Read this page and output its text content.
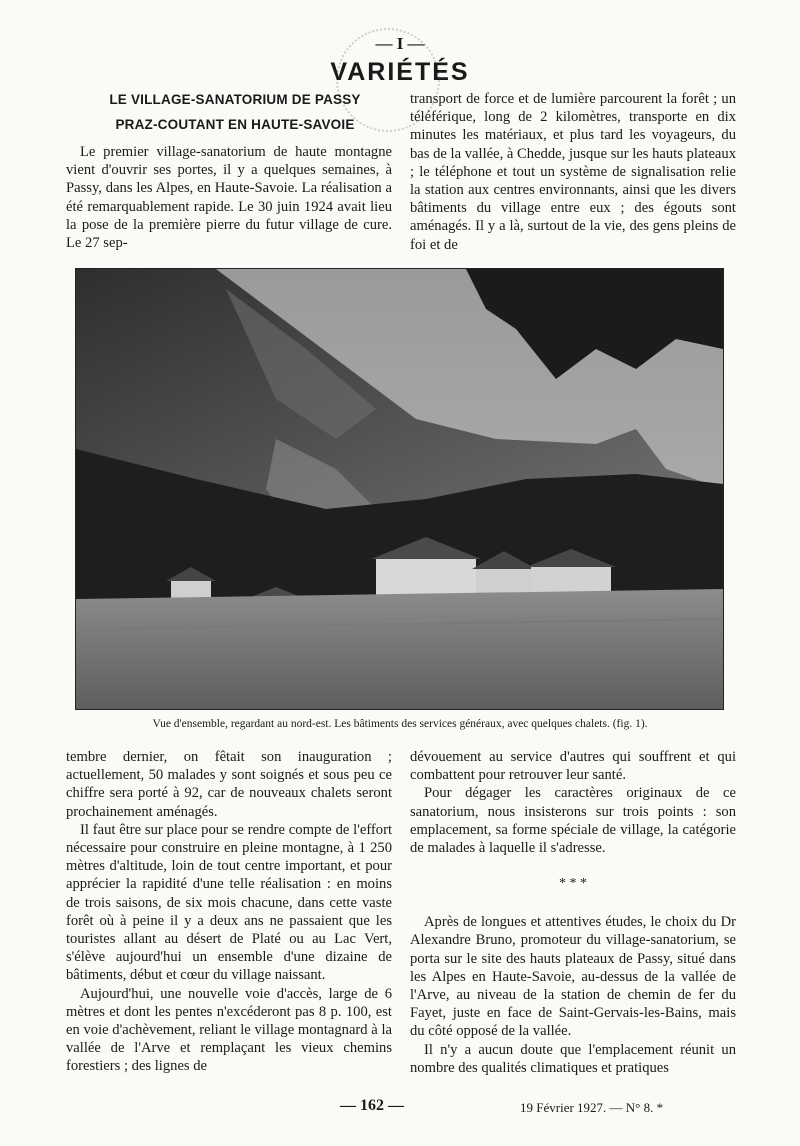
— I —
VARIÉTÉS
LE VILLAGE-SANATORIUM DE PASSY
PRAZ-COUTANT EN HAUTE-SAVOIE

Le premier village-sanatorium de haute montagne vient d'ouvrir ses portes, il y a quelques semaines, à Passy, dans les Alpes, en Haute-Savoie. La réalisation a été remarquablement rapide. Le 30 juin 1924 avait lieu la pose de la première pierre du futur village de cure. Le 27 sep-

transport de force et de lumière parcourent la forêt ; un téléférique, long de 2 kilomètres, transporte en dix minutes les matériaux, et plus tard les voyageurs, du bas de la vallée, à Chedde, jusque sur les hauts plateaux ; le téléphone et tout un système de signalisation relie la station aux centres environnants, ainsi que les divers bâtiments du village entre eux ; des égouts sont aménagés. Il y a là, surtout de la vie, des gens pleins de foi et de

Vue d'ensemble, regardant au nord-est. Les bâtiments des services généraux, avec quelques chalets. (fig. 1).

tembre dernier, on fêtait son inauguration ; actuellement, 50 malades y sont soignés et sous peu ce chiffre sera porté à 92, car de nouveaux chalets seront prochainement aménagés.

Il faut être sur place pour se rendre compte de l'effort nécessaire pour construire en pleine montagne, à 1 250 mètres d'altitude, loin de tout centre important, et pour apprécier la rapidité d'une telle réalisation : en moins de trois saisons, de six mois chacune, dans cette vaste forêt où à peine il y a deux ans ne passaient que les touristes allant au désert de Platé ou au Lac Vert, s'élève aujourd'hui un ensemble d'une dizaine de bâtiments, début et cœur du village naissant.

Aujourd'hui, une nouvelle voie d'accès, large de 6 mètres et dont les pentes n'excéderont pas 8 p. 100, est en voie d'achèvement, reliant le village montagnard à la vallée de l'Arve et remplaçant les vieux chemins forestiers ; des lignes de

dévouement au service d'autres qui souffrent et qui combattent pour retrouver leur santé.

Pour dégager les caractères originaux de ce sanatorium, nous insisterons sur trois points : son emplacement, sa forme spéciale de village, la catégorie de malades à laquelle il s'adresse.

* * *

Après de longues et attentives études, le choix du Dr Alexandre Bruno, promoteur du village-sanatorium, se porta sur le site des hauts plateaux de Passy, situé dans les Alpes en Haute-Savoie, au-dessus de la vallée de l'Arve, au niveau de la station de chemin de fer du Fayet, juste en face de Saint-Gervais-les-Bains, mais du côté opposé de la vallée.

Il n'y a aucun doute que l'emplacement réunit un nombre des qualités climatiques et pratiques

— 162 —	19 Février 1927. — N° 8. *
